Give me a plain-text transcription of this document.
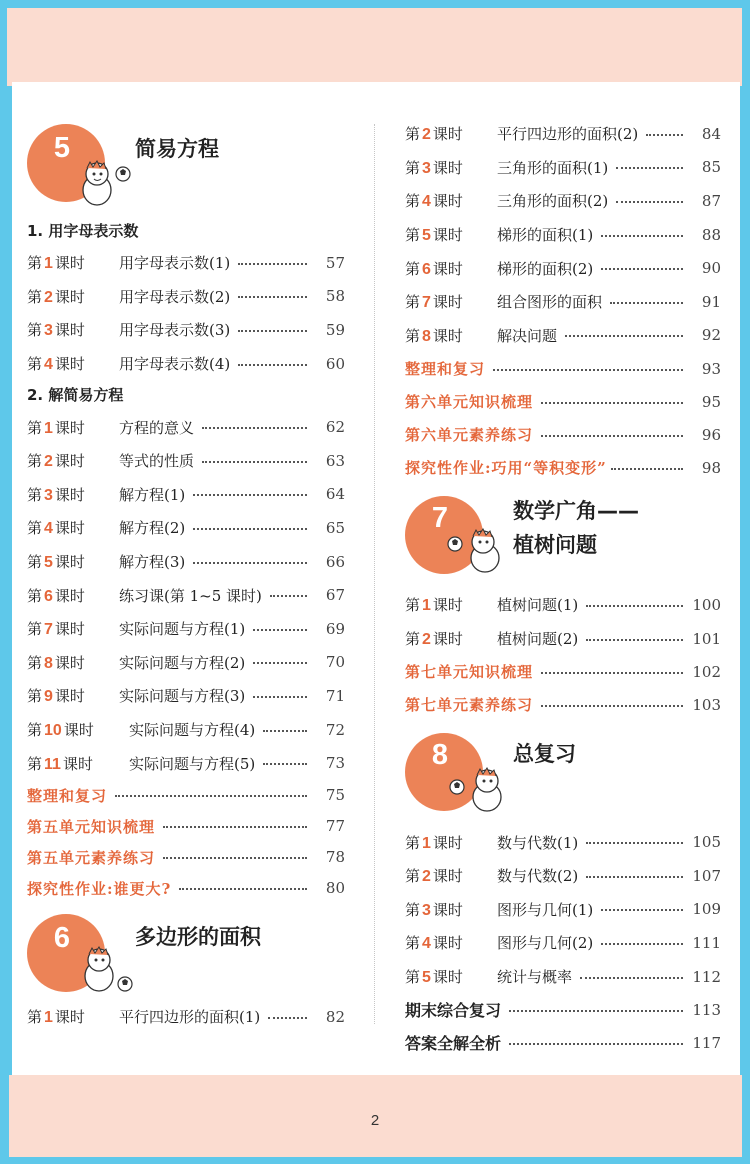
2
5	简易方程
1. 用字母表示数
第 1 课时	用字母表示数(1)	57
第 2 课时	用字母表示数(2)	58
第 3 课时	用字母表示数(3)	59
第 4 课时	用字母表示数(4)	60
2. 解简易方程
第 1 课时	方程的意义	62
第 2 课时	等式的性质	63
第 3 课时	解方程(1)	64
第 4 课时	解方程(2)	65
第 5 课时	解方程(3)	66
第 6 课时	练习课(第 1~5 课时)	67
第 7 课时	实际问题与方程(1)	69
第 8 课时	实际问题与方程(2)	70
第 9 课时	实际问题与方程(3)	71
第 10 课时	实际问题与方程(4)	72
第 11 课时	实际问题与方程(5)	73
整理和复习	75
第五单元知识梳理	77
第五单元素养练习	78
探究性作业:谁更大?	80
6	多边形的面积
第 1 课时	平行四边形的面积(1)	82
第 2 课时	平行四边形的面积(2)	84
第 3 课时	三角形的面积(1)	85
第 4 课时	三角形的面积(2)	87
第 5 课时	梯形的面积(1)	88
第 6 课时	梯形的面积(2)	90
第 7 课时	组合图形的面积	91
第 8 课时	解决问题	92
整理和复习	93
第六单元知识梳理	95
第六单元素养练习	96
探究性作业:巧用“等积变形”	98
7	数学广角——
植树问题
第 1 课时	植树问题(1)	100
第 2 课时	植树问题(2)	101
第七单元知识梳理	102
第七单元素养练习	103
8	总复习
第 1 课时	数与代数(1)	105
第 2 课时	数与代数(2)	107
第 3 课时	图形与几何(1)	109
第 4 课时	图形与几何(2)	111
第 5 课时	统计与概率	112
期末综合复习	113
答案全解全析	117
